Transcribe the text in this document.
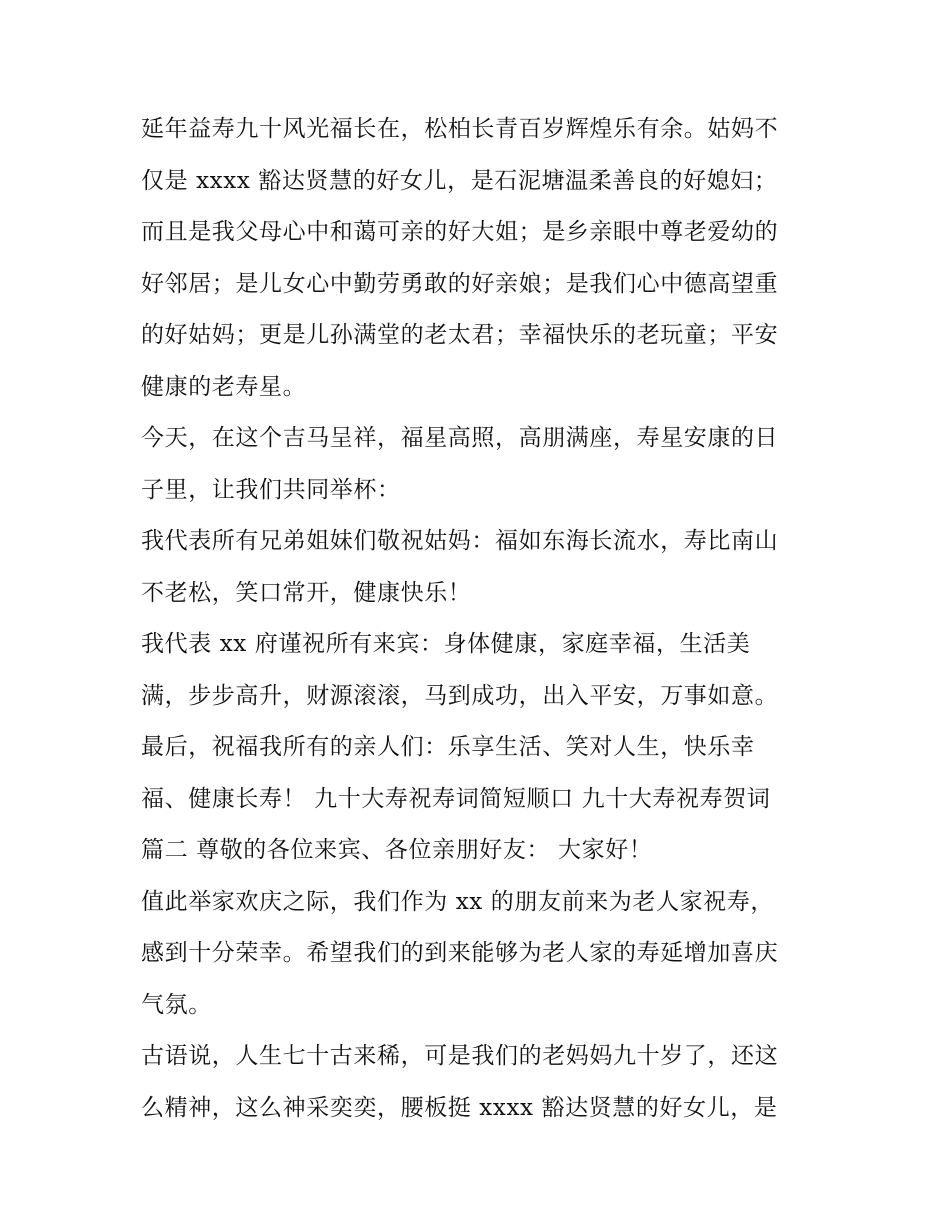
延年益寿九十风光福长在，松柏长青百岁辉煌乐有余。姑妈不
仅是 xxxx 豁达贤慧的好女儿，是石泥塘温柔善良的好媳妇；
而且是我父母心中和蔼可亲的好大姐；是乡亲眼中尊老爱幼的
好邻居；是儿女心中勤劳勇敢的好亲娘；是我们心中德高望重
的好姑妈；更是儿孙满堂的老太君；幸福快乐的老玩童；平安
健康的老寿星。
今天，在这个吉马呈祥，福星高照，高朋满座，寿星安康的日
子里，让我们共同举杯：
我代表所有兄弟姐妹们敬祝姑妈：福如东海长流水，寿比南山
不老松，笑口常开，健康快乐！
我代表 xx 府谨祝所有来宾：身体健康，家庭幸福，生活美
满，步步高升，财源滚滚，马到成功，出入平安，万事如意。
最后，祝福我所有的亲人们：乐享生活、笑对人生，快乐幸
福、健康长寿！ 九十大寿祝寿词简短顺口 九十大寿祝寿贺词
篇二 尊敬的各位来宾、各位亲朋好友： 大家好！
值此举家欢庆之际，我们作为 xx 的朋友前来为老人家祝寿，
感到十分荣幸。希望我们的到来能够为老人家的寿延增加喜庆
气氛。
古语说，人生七十古来稀，可是我们的老妈妈九十岁了，还这
么精神，这么神采奕奕，腰板挺 xxxx 豁达贤慧的好女儿，是
